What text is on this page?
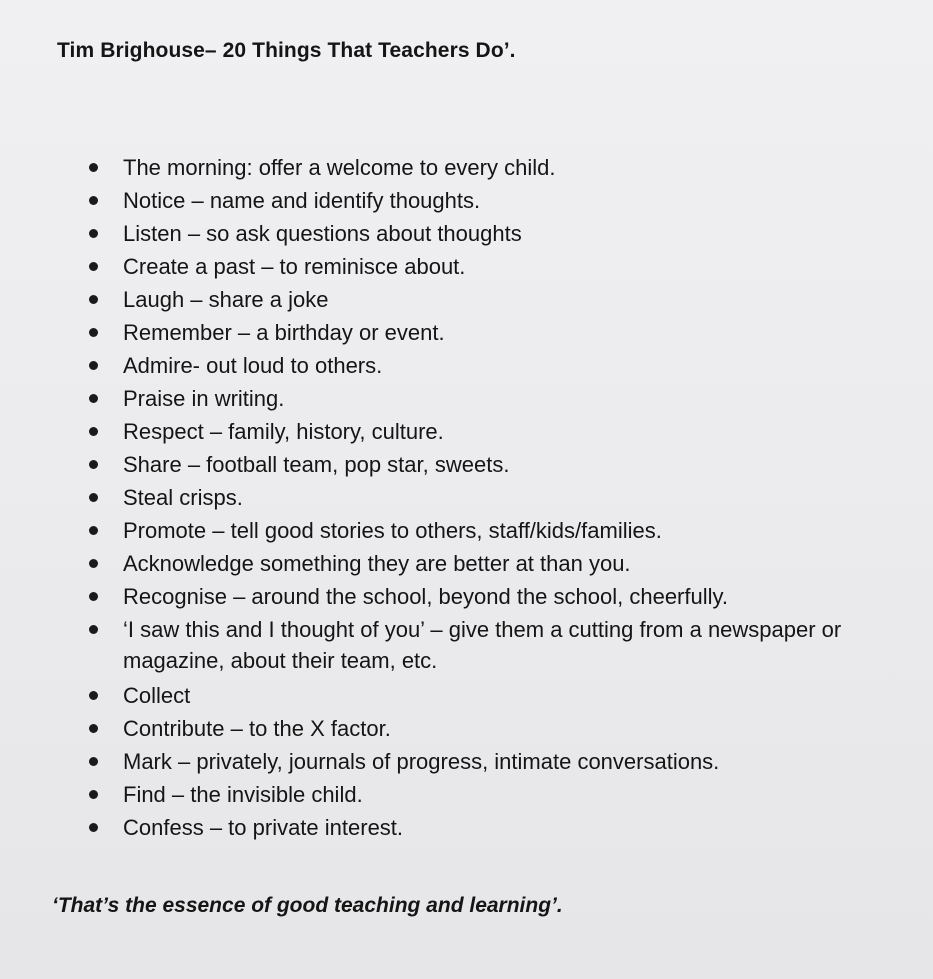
Tim Brighouse– 20 Things That Teachers Do’.
The morning: offer a welcome to every child.
Notice – name and identify thoughts.
Listen – so ask questions about thoughts
Create a past – to reminisce about.
Laugh – share a joke
Remember – a birthday or event.
Admire- out loud to others.
Praise in writing.
Respect – family, history, culture.
Share – football team, pop star, sweets.
Steal crisps.
Promote – tell good stories to others, staff/kids/families.
Acknowledge something they are better at than you.
Recognise – around the school, beyond the school, cheerfully.
‘I saw this and I thought of you’ – give them a cutting from a newspaper or magazine, about their team, etc.
Collect
Contribute – to the X factor.
Mark – privately, journals of progress, intimate conversations.
Find – the invisible child.
Confess – to private interest.
‘That’s the essence of good teaching and learning’.
